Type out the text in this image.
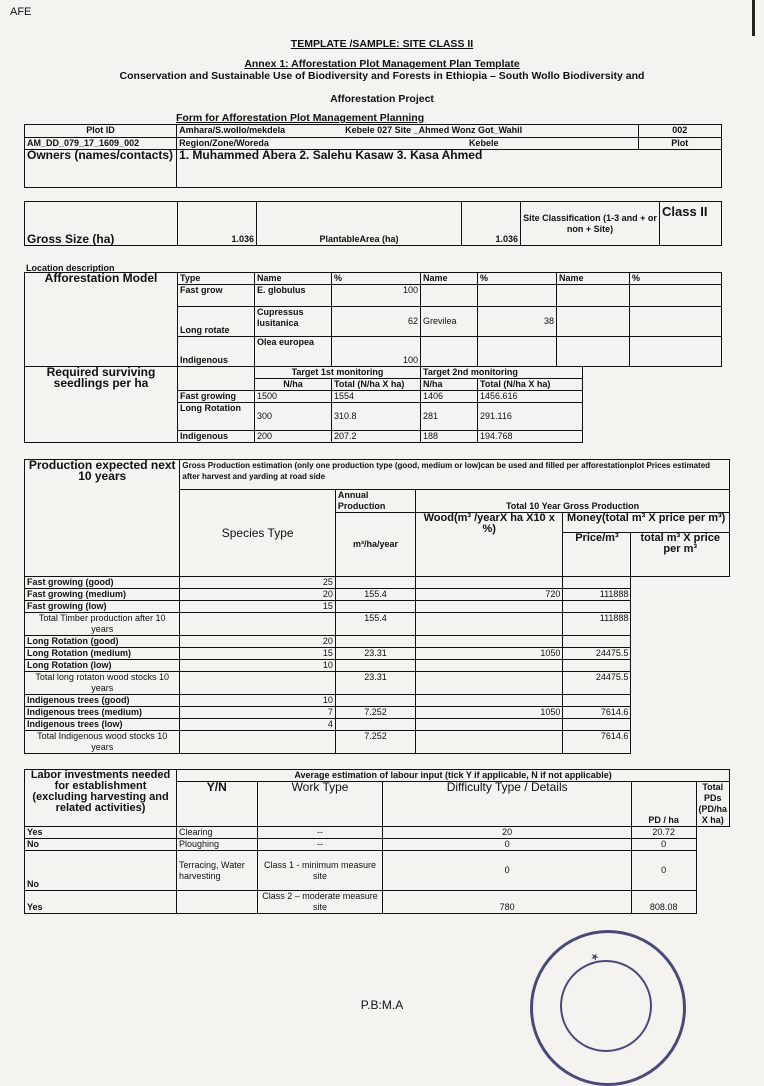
AFE
TEMPLATE /SAMPLE: SITE CLASS II
Annex 1: Afforestation Plot Management Plan Template
Conservation and Sustainable Use of Biodiversity and Forests in Ethiopia – South Wollo Biodiversity and
Afforestation Project
Form for Afforestation Plot Management Planning
Plot ID	Amhara/S.wollo/mekdela Kebele 027 Site _Ahmed Wonz Got_Wahil	002
AM_DD_079_17_1609_002	Region/Zone/Woreda Kebele	Plot
Owners (names/contacts)	1. Muhammed Abera 2. Salehu Kasaw 3. Kasa Ahmed	
Gross Size (ha)	1.036	PlantableArea (ha)	1.036	Site Classification (1-3 and + or non + Site)	Class II
Location description
Afforestation Model	Type	Name	%	Name	%	Name	%
	Fast grow	E. globulus	100				
	Long rotate	Cupressus lusitanica	62	Grevilea	38		
	Indigenous	Olea europea	100				
Required surviving seedlings per ha		Target 1st monitoring		Target 2nd monitoring		
		N/ha	Total (N/ha X ha)	N/ha	Total (N/ha X ha)	
	Fast growing	1500	1554	1406	1456.616	
	Long Rotation	300	310.8	281	291.116	
	Indigenous	200	207.2	188	194.768	
Production expected next 10 years	Gross Production estimation (only one production type (good, medium or low)can be used and filled per afforestationplot Prices estimated after harvest and yarding at road side				
	Species Type	Annual Production	Total 10 Year Gross Production		
		m³/ha/year	Wood(m³ /yearX ha X10 x %)	Money(total m³ X price per m³)	
				Price/m³	total m³ X price per m³
Fast growing (good)	25				
Fast growing (medium)	20	155.4	720	111888	
Fast growing (low)	15				
Total Timber production after 10 years		155.4		111888	
Long Rotation (good)	20				
Long Rotation (medium)	15	23.31	1050	24475.5	
Long Rotation (low)	10				
Total long rotaton wood stocks 10 years		23.31		24475.5	
Indigenous trees (good)	10				
Indigenous trees (medium)	7	7.252	1050	7614.6	
Indigenous trees (low)	4				
Total Indigenous wood stocks 10 years		7.252		7614.6	
Labor investments needed for establishment (excluding harvesting and related activities)	Average estimation of labour input (tick Y if applicable, N if not applicable)				
	Y/N	Work Type	Difficulty Type / Details	PD / ha	Total PDs (PD/ha X ha)
Yes	Clearing	--	20	20.72	
No	Ploughing	--	0	0	
No	Terracing, Water harvesting	Class 1 - minimum measure site	0	0	
Yes		Class 2 – moderate measure site	780	808.08	
P.B:M.A
★
